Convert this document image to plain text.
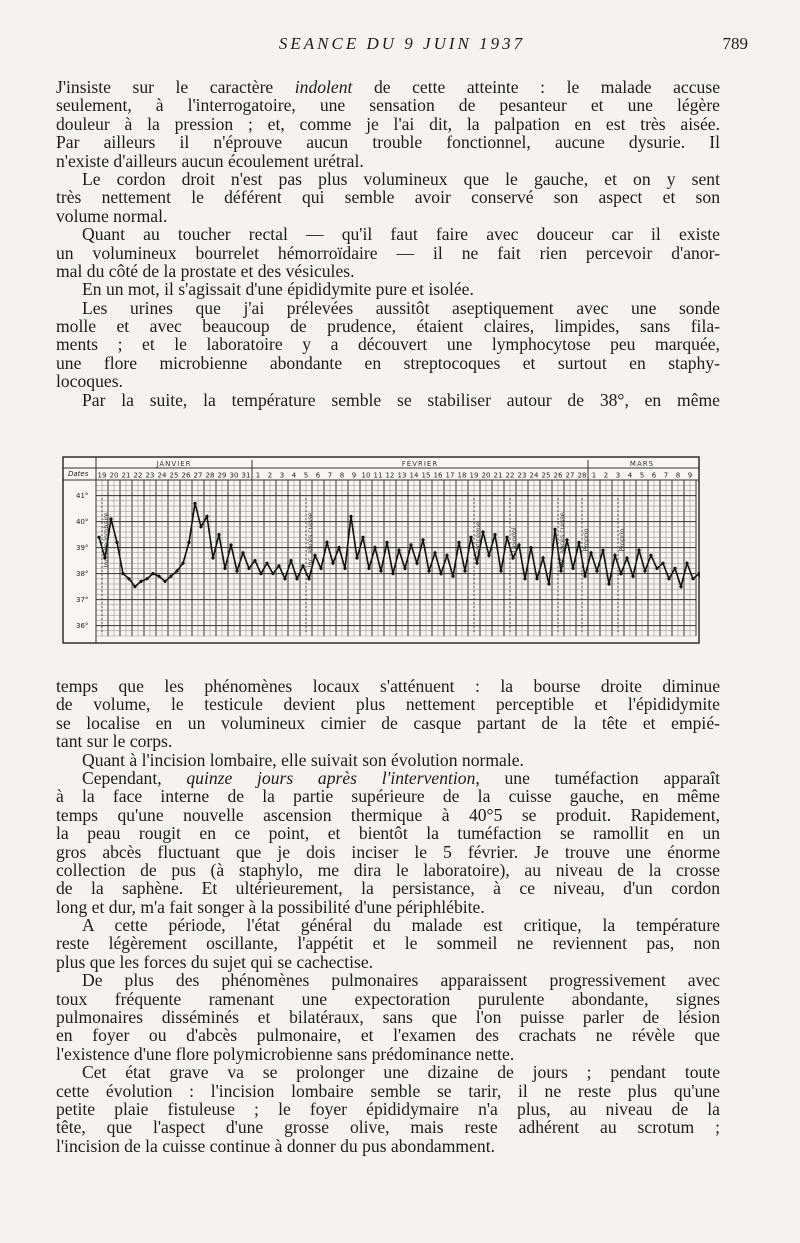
SEANCE DU 9 JUIN 1937	789
J'insiste sur le caractère indolent de cette atteinte : le malade accuse
seulement, à l'interrogatoire, une sensation de pesanteur et une légère
douleur à la pression ; et, comme je l'ai dit, la palpation en est très aisée.
Par ailleurs il n'éprouve aucun trouble fonctionnel, aucune dysurie. Il
n'existe d'ailleurs aucun écoulement urétral.
Le cordon droit n'est pas plus volumineux que le gauche, et on y sent
très nettement le déférent qui semble avoir conservé son aspect et son
volume normal.
Quant au toucher rectal — qu'il faut faire avec douceur car il existe
un volumineux bourrelet hémorroïdaire — il ne fait rien percevoir d'anor-
mal du côté de la prostate et des vésicules.
En un mot, il s'agissait d'une épididymite pure et isolée.
Les urines que j'ai prélevées aussitôt aseptiquement avec une sonde
molle et avec beaucoup de prudence, étaient claires, limpides, sans fila-
ments ; et le laboratoire y a découvert une lymphocytose peu marquée,
une flore microbienne abondante en streptocoques et surtout en staphy-
locoques.
Par la suite, la température semble se stabiliser autour de 38°, en même
Dates
JANVIER	FÉVRIER	MARS
19 20 21 22 23 24 25 26 27 28 29 30 31 1 2 3 4 5 6 7 8 9 10 11 12 13 14 15 16 17 18 19 20 21 22 23 24 25 26 27 28 1 2 3 4 5 6 7 8 9
41°
40°
39°
38°
37°
36°
Incision lombaire	Inc. abcès cuisse	Inc. abcès cuisse
Septicémie	Lipiodol	Proprio	Proprio
temps que les phénomènes locaux s'atténuent : la bourse droite diminue
de volume, le testicule devient plus nettement perceptible et l'épididymite
se localise en un volumineux cimier de casque partant de la tête et empié-
tant sur le corps.
Quant à l'incision lombaire, elle suivait son évolution normale.
Cependant, quinze jours après l'intervention, une tuméfaction apparaît
à la face interne de la partie supérieure de la cuisse gauche, en même
temps qu'une nouvelle ascension thermique à 40°5 se produit. Rapidement,
la peau rougit en ce point, et bientôt la tuméfaction se ramollit en un
gros abcès fluctuant que je dois inciser le 5 février. Je trouve une énorme
collection de pus (à staphylo, me dira le laboratoire), au niveau de la crosse
de la saphène. Et ultérieurement, la persistance, à ce niveau, d'un cordon
long et dur, m'a fait songer à la possibilité d'une périphlébite.
A cette période, l'état général du malade est critique, la température
reste légèrement oscillante, l'appétit et le sommeil ne reviennent pas, non
plus que les forces du sujet qui se cachectise.
De plus des phénomènes pulmonaires apparaissent progressivement avec
toux fréquente ramenant une expectoration purulente abondante, signes
pulmonaires disséminés et bilatéraux, sans que l'on puisse parler de lésion
en foyer ou d'abcès pulmonaire, et l'examen des crachats ne révèle que
l'existence d'une flore polymicrobienne sans prédominance nette.
Cet état grave va se prolonger une dizaine de jours ; pendant toute
cette évolution : l'incision lombaire semble se tarir, il ne reste plus qu'une
petite plaie fistuleuse ; le foyer épididymaire n'a plus, au niveau de la
tête, que l'aspect d'une grosse olive, mais reste adhérent au scrotum ;
l'incision de la cuisse continue à donner du pus abondamment.
